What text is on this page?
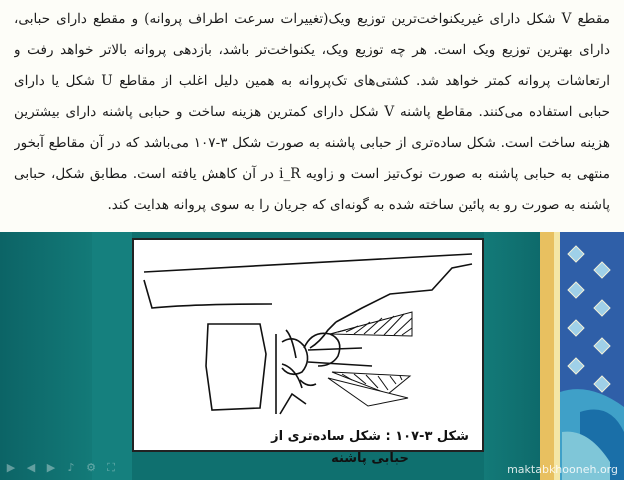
مقطع V شکل دارای غیریکنواخت‌ترین توزیع ویک(تغییرات سرعت اطراف پروانه) و مقطع دارای حبابی، دارای بهترین توزیع ویک است. هر چه توزیع ویک، یکنواخت‌تر باشد، بازدهی پروانه بالاتر خواهد رفت و ارتعاشات پروانه کمتر خواهد شد. کشتی‌های تک‌پروانه به همین دلیل اغلب از مقاطع U شکل یا دارای حبابی استفاده می‌کنند. مقاطع پاشنه V شکل دارای کمترین هزینه ساخت و حبابی پاشنه دارای بیشترین هزینه ساخت است. شکل ساده‌تری از حبابی پاشنه به صورت شکل ۳-۱۰۷ می‌باشد که در آن مقاطع آبخور منتهی به حبابی پاشنه به صورت نوک‌تیز است و زاویه i_R در آن کاهش یافته است. مطابق شکل، حبابی پاشنه به صورت رو به پائین ساخته شده به گونه‌ای که جریان را به سوی پروانه هدایت کند.

شکل ۳-۱۰۷ : شکل ساده‌تری از حبابی پاشنه

▶ ◀ ▶	♪	⚙ ⛶	maktabkhooneh.org
